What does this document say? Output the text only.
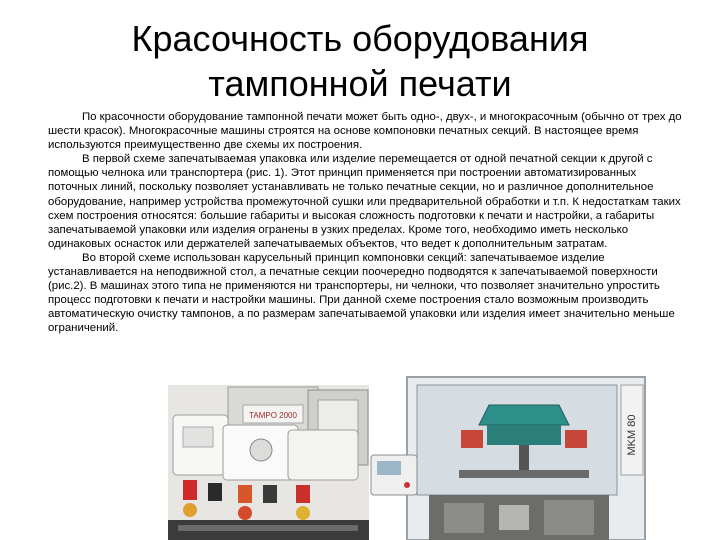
Красочность оборудования
тампонной печати

По красочности оборудование тампонной печати может быть одно-, двух-, и многокрасочным (обычно от трех до шести красок). Многокрасочные машины строятся на основе компоновки печатных секций. В настоящее время используются преимущественно две схемы их построения.

В первой схеме запечатываемая упаковка или изделие перемещается от одной печатной секции к другой с помощью челнока или транспортера (рис. 1). Этот принцип применяется при построении автоматизированных поточных линий, поскольку позволяет устанавливать не только печатные секции, но и различное дополнительное оборудование, например устройства промежуточной сушки или предварительной обработки и т.п. К недостаткам таких схем построения относятся: большие габариты и высокая сложность подготовки к печати и настройки, а габариты запечатываемой упаковки или изделия огранены в узких пределах. Кроме того, необходимо иметь несколько одинаковых оснасток или держателей запечатываемых объектов, что ведет к дополнительным затратам.

Во второй схеме использован карусельный принцип компоновки секций: запечатываемое изделие устанавливается на неподвижной стол, а печатные секции поочередно подводятся к запечатываемой поверхности (рис.2). В машинах этого типа не применяются ни транспортеры, ни челноки, что позволяет значительно упростить процесс подготовки к печати и настройки машины. При данной схеме построения стало возможным производить автоматическую очистку тампонов, а по размерам запечатываемой упаковки или изделия имеет значительно меньше ограничений.

TAMPO 2000	MKM 80
